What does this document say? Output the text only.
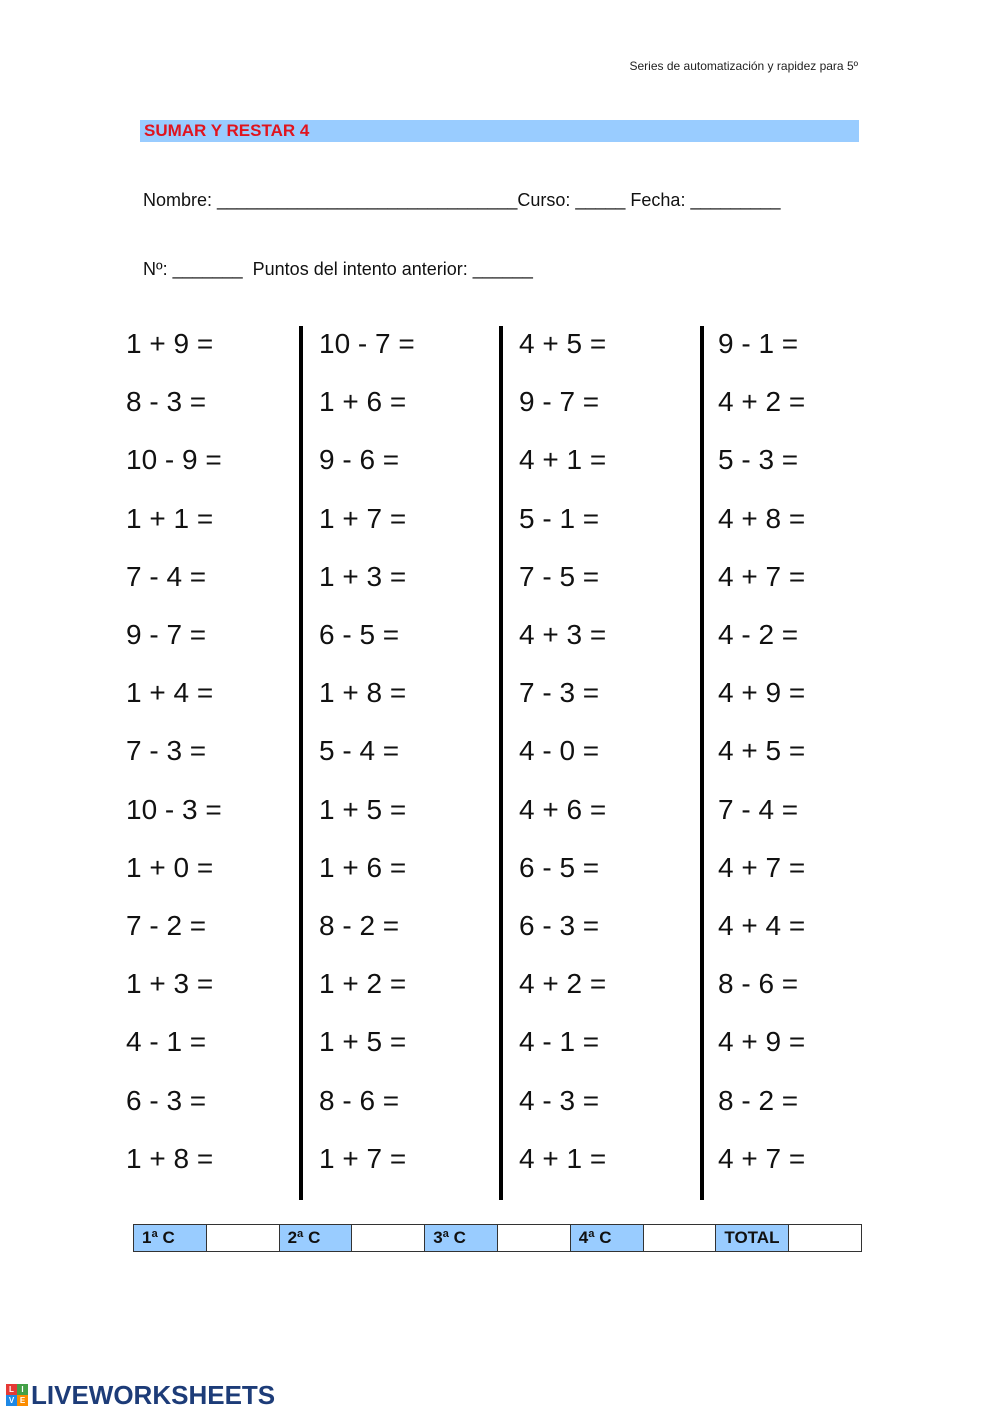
Series de automatización y rapidez para 5º
SUMAR Y RESTAR 4
Nombre: ______________________________Curso: _____ Fecha: _________
Nº: _______  Puntos del intento anterior: ______
1 + 9 =
8 - 3 =
10 - 9 =
1 + 1 =
7 - 4 =
9 - 7 =
1 + 4 =
7 - 3 =
10 - 3 =
1 + 0 =
7 - 2 =
1 + 3 =
4 - 1 =
6 - 3 =
1 + 8 =
10 - 7 =
1 + 6 =
9 - 6 =
1 + 7 =
1 + 3 =
6 - 5 =
1 + 8 =
5 - 4 =
1 + 5 =
1 + 6 =
8 - 2 =
1 + 2 =
1 + 5 =
8 - 6 =
1 + 7 =
4 + 5 =
9 - 7 =
4 + 1 =
5 - 1 =
7 - 5 =
4 + 3 =
7 - 3 =
4 - 0 =
4 + 6 =
6 - 5 =
6 - 3 =
4 + 2 =
4 - 1 =
4 - 3 =
4 + 1 =
9 - 1 =
4 + 2 =
5 - 3 =
4 + 8 =
4 + 7 =
4 - 2 =
4 + 9 =
4 + 5 =
7 - 4 =
4 + 7 =
4 + 4 =
8 - 6 =
4 + 9 =
8 - 2 =
4 + 7 =
1ª C		2ª C		3ª C		4ª C		TOTAL	
L I
V E LIVEWORKSHEETS
